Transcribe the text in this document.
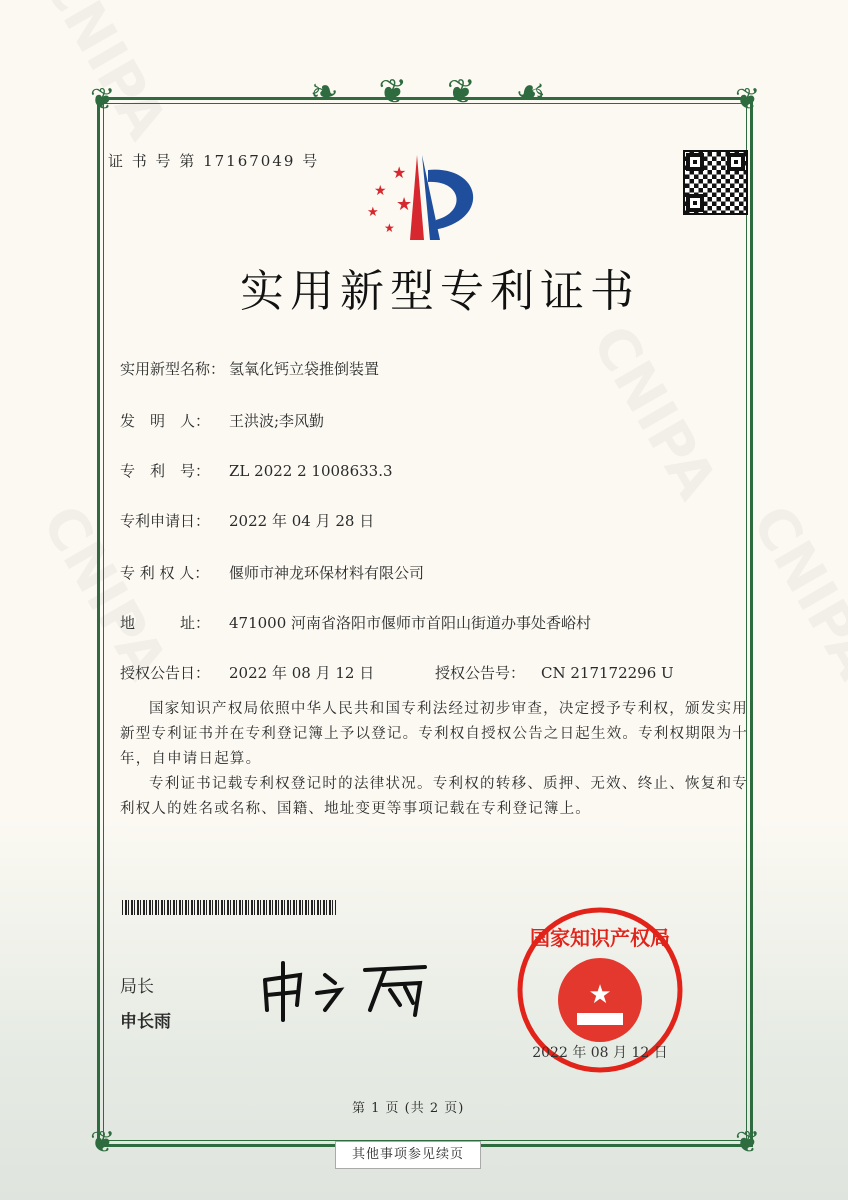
❦	❦
❦	❦
❧❦❦☙
证 书 号 第 17167049 号
★
★
★
★
★
实用新型专利证书
实用新型名称： 氢氧化钙立袋推倒装置
发　明　人： 王洪波;李风勤
专　利　号： ZL 2022 2 1008633.3
专利申请日： 2022 年 04 月 28 日
专 利 权 人： 偃师市神龙环保材料有限公司
地　　　址： 471000 河南省洛阳市偃师市首阳山街道办事处香峪村
授权公告日： 2022 年 08 月 12 日	授权公告号： CN 217172296 U
国家知识产权局依照中华人民共和国专利法经过初步审查，决定授予专利权，颁发实用新型专利证书并在专利登记簿上予以登记。专利权自授权公告之日起生效。专利权期限为十年，自申请日起算。
专利证书记载专利权登记时的法律状况。专利权的转移、质押、无效、终止、恢复和专利权人的姓名或名称、国籍、地址变更等事项记载在专利登记簿上。
局长
申长雨
★
国家知识产权局
2022 年 08 月 12 日
第 1 页 (共 2 页)
其他事项参见续页
